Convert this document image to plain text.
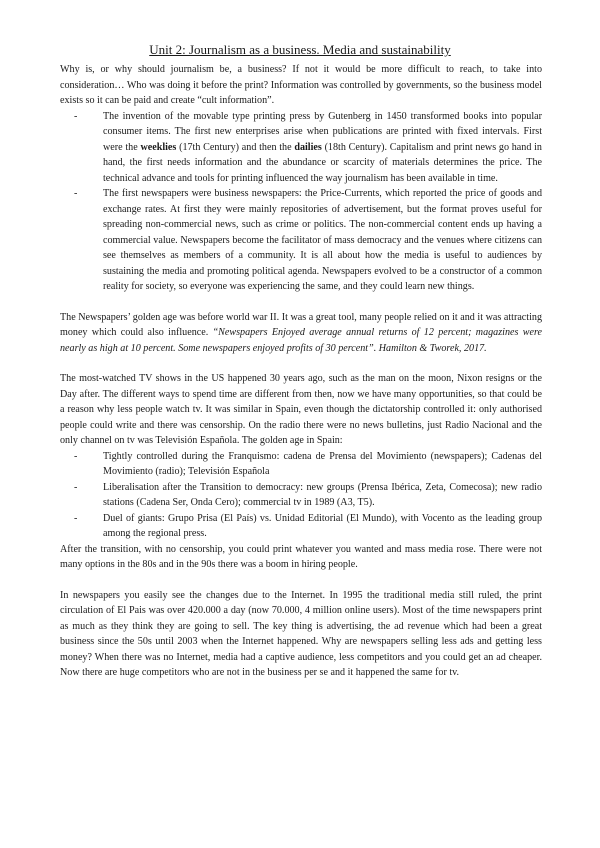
Unit 2: Journalism as a business. Media and sustainability

Why is, or why should journalism be, a business? If not it would be more difficult to reach, to take into consideration… Who was doing it before the print? Information was controlled by governments, so the business model exists so it can be paid and create “cult information”.

- The invention of the movable type printing press by Gutenberg in 1450 transformed books into popular consumer items. The first new enterprises arise when publications are printed with fixed intervals. First were the weeklies (17th Century) and then the dailies (18th Century). Capitalism and print news go hand in hand, the first needs information and the abundance or scarcity of materials determines the price. The technical advance and tools for printing influenced the way journalism has been available in time.
- The first newspapers were business newspapers: the Price-Currents, which reported the price of goods and exchange rates. At first they were mainly repositories of advertisement, but the format proves useful for spreading non-commercial news, such as crime or politics. The non-commercial content ends up having a commercial value. Newspapers become the facilitator of mass democracy and the venues where citizens can see themselves as members of a community. It is all about how the media is useful to audiences by sustaining the media and promoting political agenda. Newspapers evolved to be a constructor of a common reality for society, so everyone was experiencing the same, and they could learn new things.

The Newspapers’ golden age was before world war II. It was a great tool, many people relied on it and it was attracting money which could also influence. “Newspapers Enjoyed average annual returns of 12 percent; magazines were nearly as high at 10 percent. Some newspapers enjoyed profits of 30 percent”. Hamilton & Tworek, 2017.

The most-watched TV shows in the US happened 30 years ago, such as the man on the moon, Nixon resigns or the Day after. The different ways to spend time are different from then, now we have many opportunities, so that could be a reason why less people watch tv. It was similar in Spain, even though the dictatorship controlled it: only authorised people could write and there was censorship. On the radio there were no news bulletins, just Radio Nacional and the only channel on tv was Televisión Española. The golden age in Spain:

- Tightly controlled during the Franquismo: cadena de Prensa del Movimiento (newspapers); Cadenas del Movimiento (radio); Televisión Española
- Liberalisation after the Transition to democracy: new groups (Prensa Ibérica, Zeta, Comecosa); new radio stations (Cadena Ser, Onda Cero); commercial tv in 1989 (A3, T5).
- Duel of giants: Grupo Prisa (El País) vs. Unidad Editorial (El Mundo), with Vocento as the leading group among the regional press.

After the transition, with no censorship, you could print whatever you wanted and mass media rose. There were not many options in the 80s and in the 90s there was a boom in hiring people.

In newspapers you easily see the changes due to the Internet. In 1995 the traditional media still ruled, the print circulation of El Pais was over 420.000 a day (now 70.000, 4 million online users). Most of the time newspapers print as much as they think they are going to sell. The key thing is advertising, the ad revenue which had been a great business since the 50s until 2003 when the Internet happened. Why are newspapers selling less ads and getting less money? When there was no Internet, media had a captive audience, less competitors and you could get an ad cheaper. Now there are huge competitors who are not in the business per se and it happened the same for tv.
